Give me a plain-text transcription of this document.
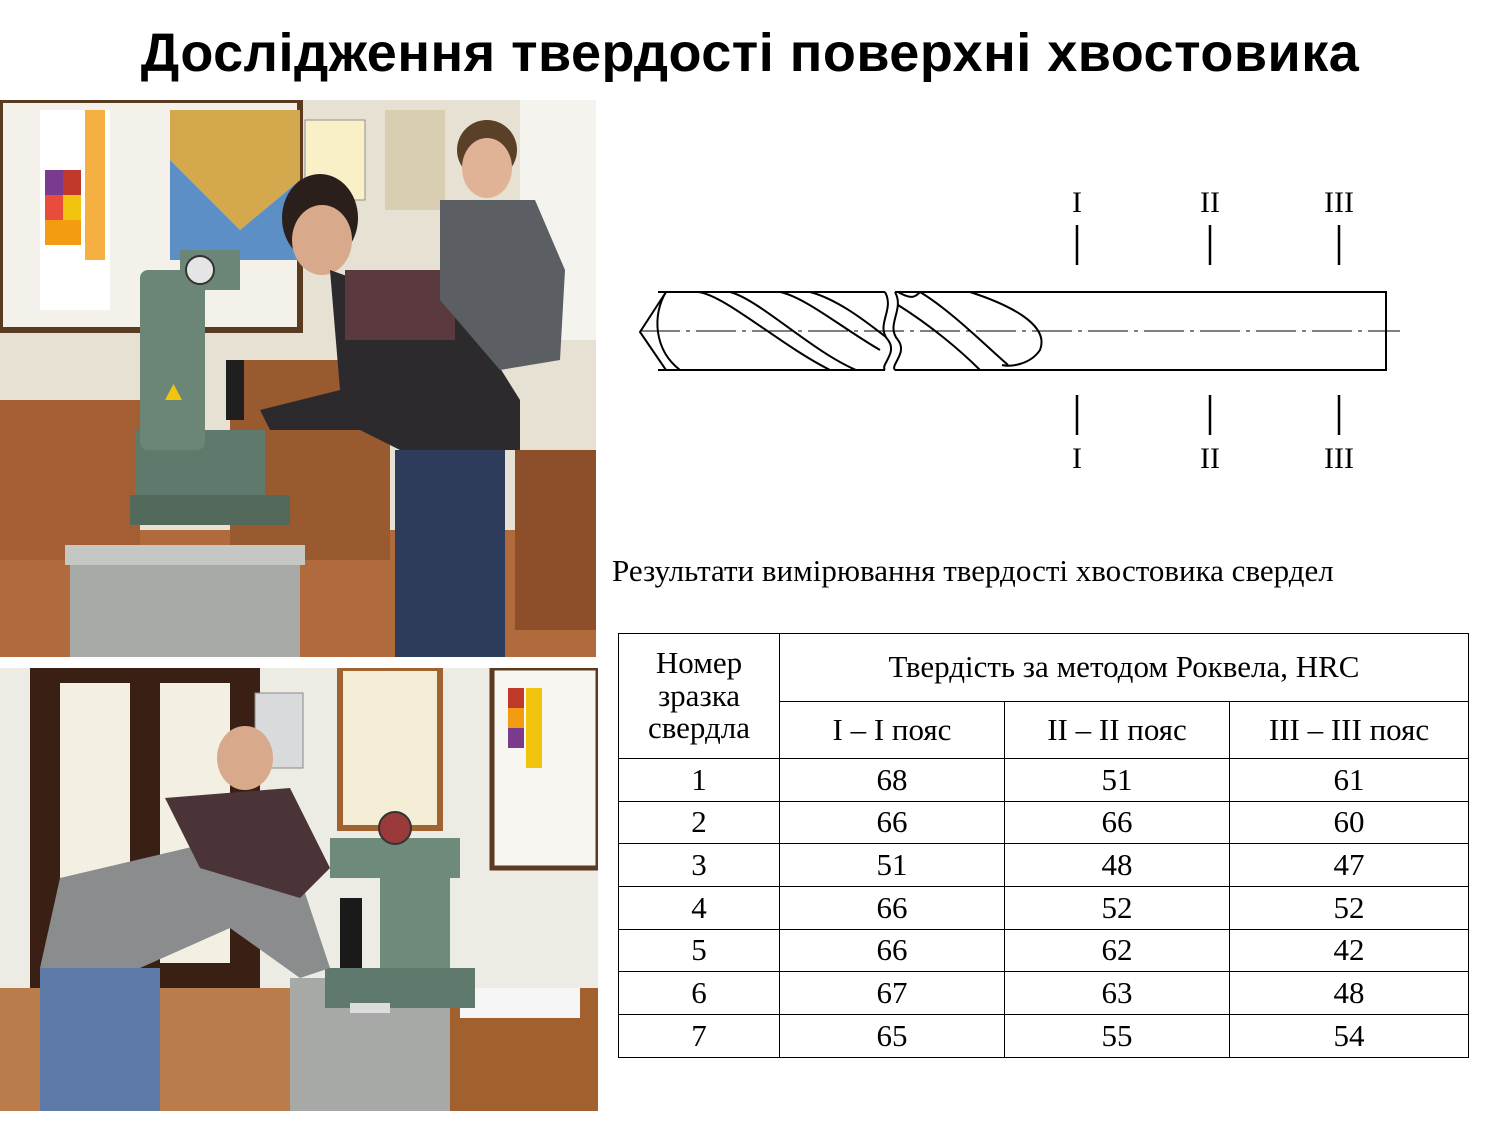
Дослідження твердості поверхні хвостовика
I	II	III
I	II	III
Результати вимірювання твердості хвостовика свердел
Номер зразка свердла	Твердість за методом Роквела, HRC		
	I – I пояс	II – II пояс	III – III пояс
1	68	51	61
2	66	66	60
3	51	48	47
4	66	52	52
5	66	62	42
6	67	63	48
7	65	55	54
